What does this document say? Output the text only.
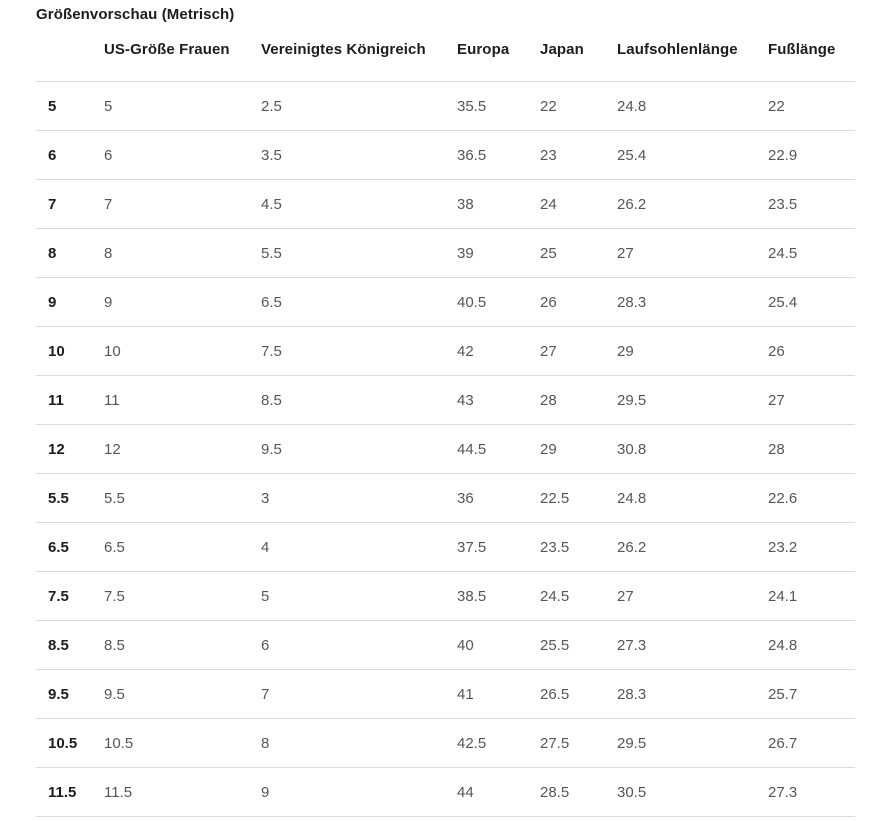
Größenvorschau (Metrisch)
	US-Größe Frauen	Vereinigtes Königreich	Europa	Japan	Laufsohlenlänge	Fußlänge
5	5	2.5	35.5	22	24.8	22
6	6	3.5	36.5	23	25.4	22.9
7	7	4.5	38	24	26.2	23.5
8	8	5.5	39	25	27	24.5
9	9	6.5	40.5	26	28.3	25.4
10	10	7.5	42	27	29	26
11	11	8.5	43	28	29.5	27
12	12	9.5	44.5	29	30.8	28
5.5	5.5	3	36	22.5	24.8	22.6
6.5	6.5	4	37.5	23.5	26.2	23.2
7.5	7.5	5	38.5	24.5	27	24.1
8.5	8.5	6	40	25.5	27.3	24.8
9.5	9.5	7	41	26.5	28.3	25.7
10.5	10.5	8	42.5	27.5	29.5	26.7
11.5	11.5	9	44	28.5	30.5	27.3
